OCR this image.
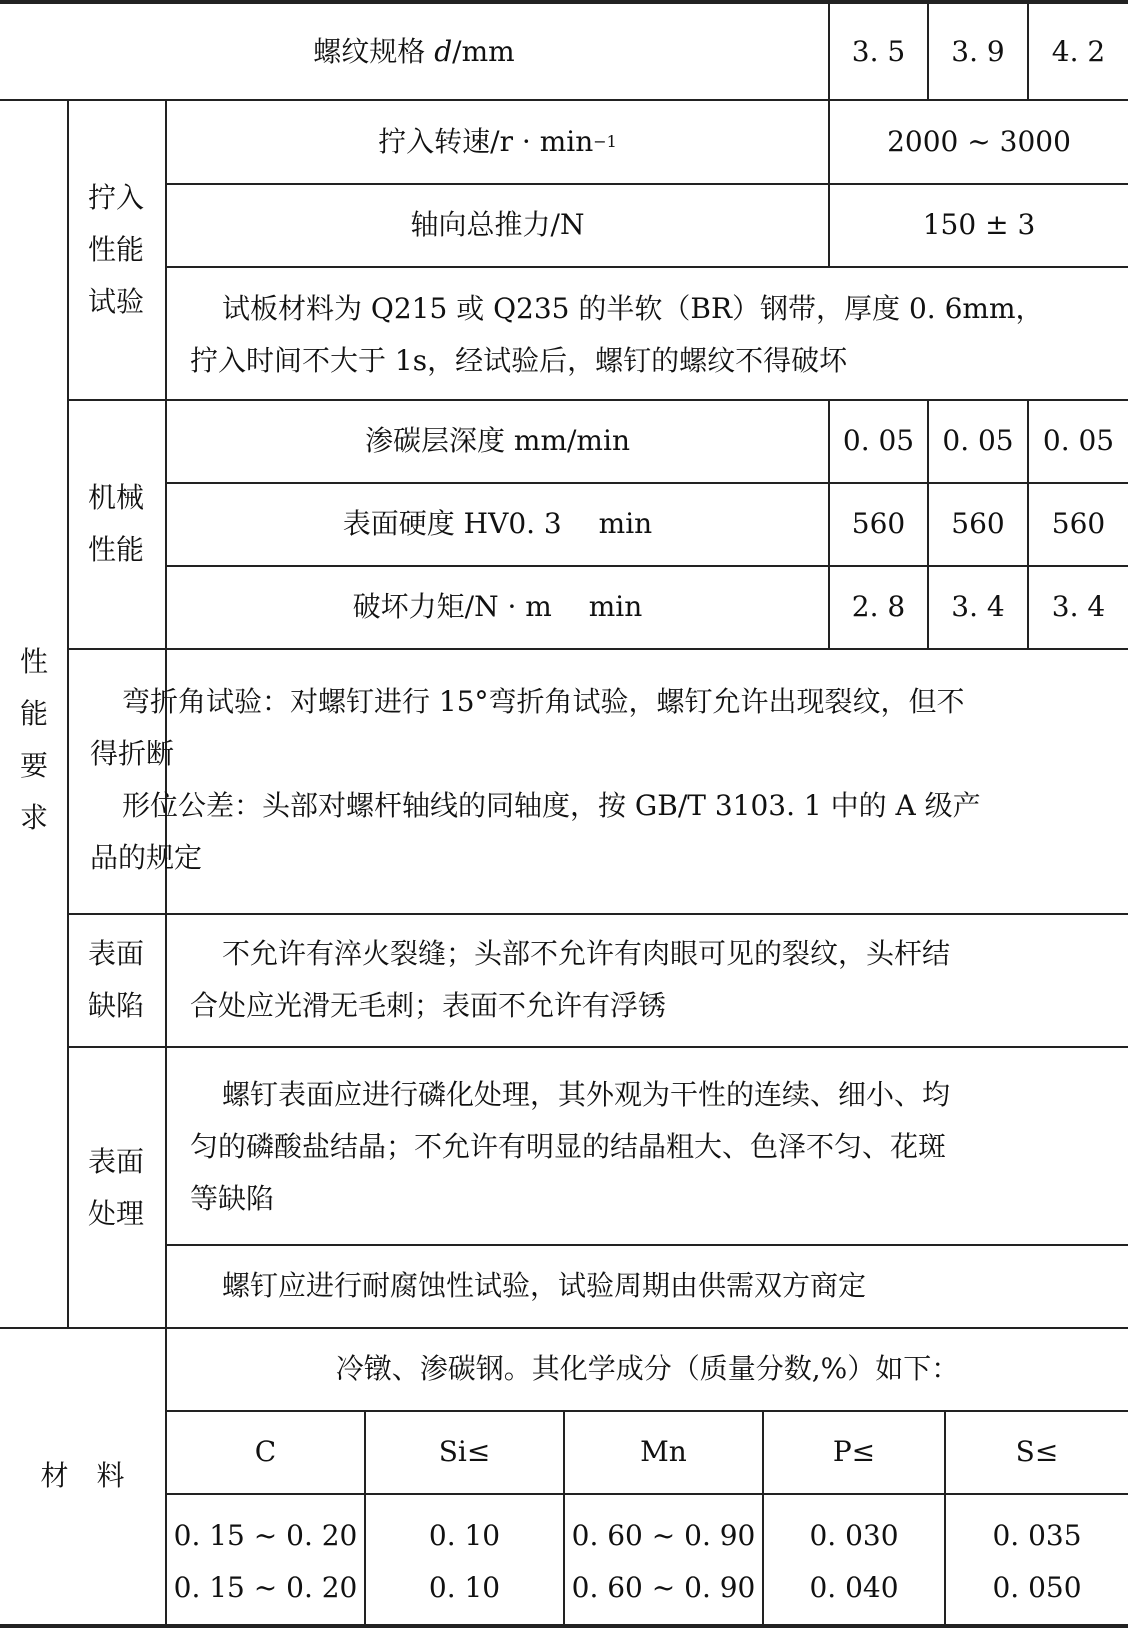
螺纹规格
d /mm	3. 5	3. 9	4. 2
性
能
要
求
拧入
性能
试验
拧入转速/r · min −1	2000 ~ 3000
轴向总推力/N	150 ± 3
试板材料为 Q215 或 Q235 的半软（BR）钢带，厚度 0. 6mm，
拧入时间不大于 1s，经试验后，螺钉的螺纹不得破坏
机械
性能
渗碳层深度 mm/min	0. 05	0. 05	0. 05
表面硬度 HV0. 3　 min	560	560	560
破坏力矩/N · m　 min	2. 8	3. 4	3. 4
弯折角试验：对螺钉进行 15°弯折角试验，螺钉允许出现裂纹，但不
得折断
形位公差：头部对螺杆轴线的同轴度，按 GB/T 3103. 1 中的 A 级产
品的规定
表面
缺陷
不允许有淬火裂缝；头部不允许有肉眼可见的裂纹，头杆结
合处应光滑无毛刺；表面不允许有浮锈
表面
处理
螺钉表面应进行磷化处理，其外观为干性的连续、细小、均
匀的磷酸盐结晶；不允许有明显的结晶粗大、色泽不匀、花斑
等缺陷
螺钉应进行耐腐蚀性试验，试验周期由供需双方商定
材　料
冷镦、渗碳钢。其化学成分（质量分数,%）如下：
C	Si≤	Mn	P≤	S≤
0. 15 ~ 0. 20	0. 10	0. 60 ~ 0. 90	0. 030	0. 035
0. 15 ~ 0. 20	0. 10	0. 60 ~ 0. 90	0. 040	0. 050
